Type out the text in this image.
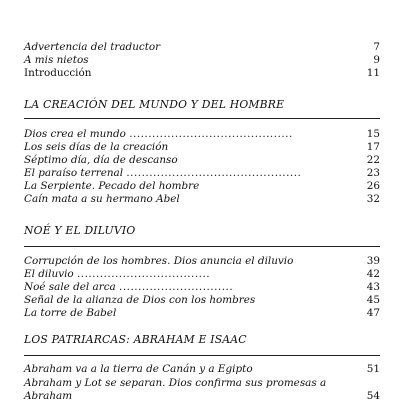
Advertencia del traductor	7
A mis nietos	9
Introducción	11
LA CREACIÓN DEL MUNDO Y DEL HOMBRE
Dios crea el mundo ...........................................	15
Los seis días de la creación	17
Séptimo día, día de descanso	22
El paraíso terrenal ..............................................	23
La Serpiente. Pecado del hombre	26
Caín mata a su hermano Abel	32
NOÉ Y EL DILUVIO
Corrupción de los hombres. Dios anuncia el diluvio	39
El diluvio ...................................	42
Noé sale del arca ..............................	43
Señal de la alianza de Dios con los hombres	45
La torre de Babel	47
LOS PATRIARCAS: ABRAHAM E ISAAC
Abraham va a la tierra de Canán y a Egipto	51
Abraham y Lot se separan. Dios confirma sus promesas a
Abraham	54
